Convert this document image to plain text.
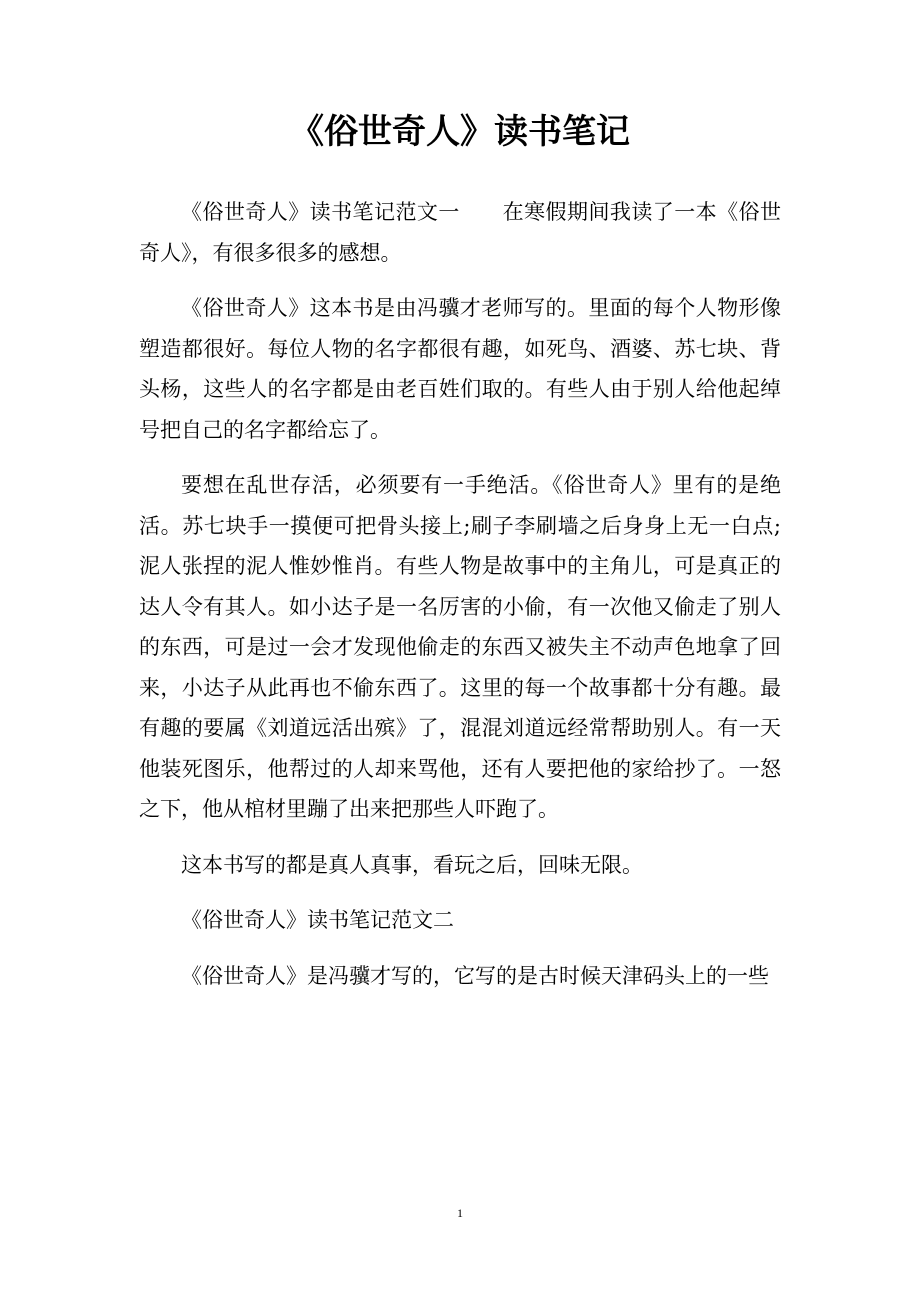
《俗世奇人》读书笔记

《俗世奇人》读书笔记范文一　　在寒假期间我读了一本《俗世奇人》，有很多很多的感想。

《俗世奇人》这本书是由冯骥才老师写的。里面的每个人物形像塑造都很好。每位人物的名字都很有趣，如死鸟、酒婆、苏七块、背头杨，这些人的名字都是由老百姓们取的。有些人由于别人给他起绰号把自己的名字都给忘了。

要想在乱世存活，必须要有一手绝活。《俗世奇人》里有的是绝活。苏七块手一摸便可把骨头接上;刷子李刷墙之后身身上无一白点;泥人张捏的泥人惟妙惟肖。有些人物是故事中的主角儿，可是真正的达人令有其人。如小达子是一名厉害的小偷，有一次他又偷走了别人的东西，可是过一会才发现他偷走的东西又被失主不动声色地拿了回来，小达子从此再也不偷东西了。这里的每一个故事都十分有趣。最有趣的要属《刘道远活出殡》了，混混刘道远经常帮助别人。有一天他装死图乐，他帮过的人却来骂他，还有人要把他的家给抄了。一怒之下，他从棺材里蹦了出来把那些人吓跑了。

这本书写的都是真人真事，看玩之后，回味无限。

《俗世奇人》读书笔记范文二

《俗世奇人》是冯骥才写的，它写的是古时候天津码头上的一些

1
